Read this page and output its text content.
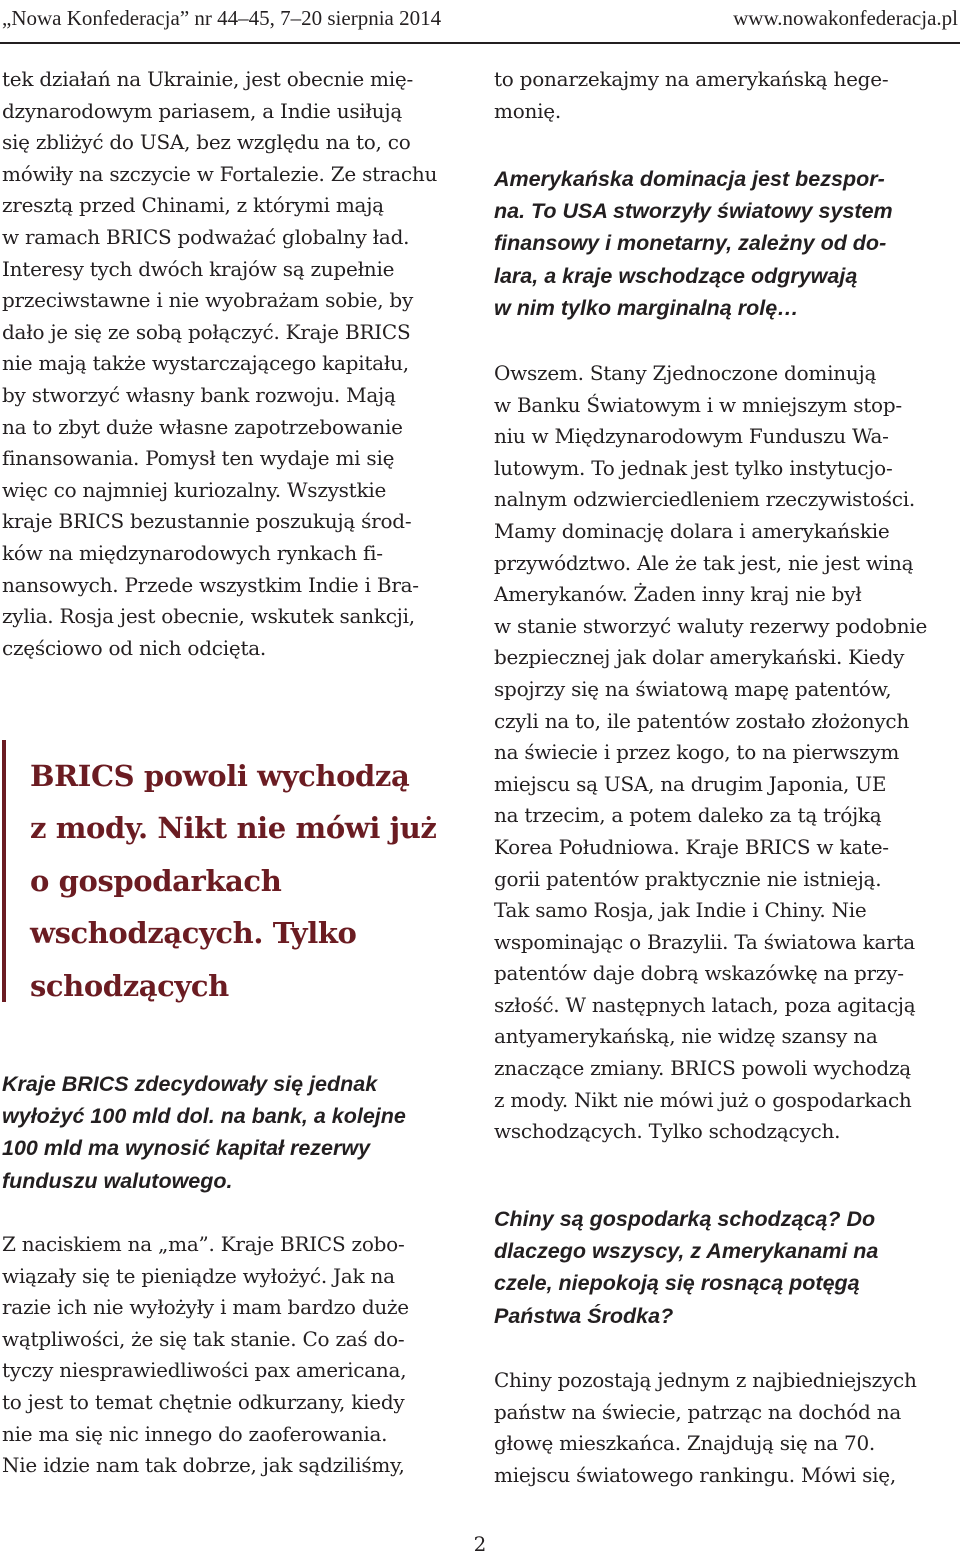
„Nowa Konfederacja” nr 44–45, 7–20 sierpnia 2014	www.nowakonfederacja.pl
tek działań na Ukrainie, jest obecnie mię-
dzynarodowym pariasem, a Indie usiłują
się zbliżyć do USA, bez względu na to, co
mówiły na szczycie w Fortalezie. Ze strachu
zresztą przed Chinami, z którymi mają
w ramach BRICS podważać globalny ład.
Interesy tych dwóch krajów są zupełnie
przeciwstawne i nie wyobrażam sobie, by
dało je się ze sobą połączyć. Kraje BRICS
nie mają także wystarczającego kapitału,
by stworzyć własny bank rozwoju. Mają
na to zbyt duże własne zapotrzebowanie
finansowania. Pomysł ten wydaje mi się
więc co najmniej kuriozalny. Wszystkie
kraje BRICS bezustannie poszukują środ-
ków na międzynarodowych rynkach fi-
nansowych. Przede wszystkim Indie i Bra-
zylia. Rosja jest obecnie, wskutek sankcji,
częściowo od nich odcięta.
Kraje BRICS zdecydowały się jednak
wyłożyć 100 mld dol. na bank, a kolejne
100 mld ma wynosić kapitał rezerwy
funduszu walutowego.
Z naciskiem na „ma”. Kraje BRICS zobo-
wiązały się te pieniądze wyłożyć. Jak na
razie ich nie wyłożyły i mam bardzo duże
wątpliwości, że się tak stanie. Co zaś do-
tyczy niesprawiedliwości pax americana,
to jest to temat chętnie odkurzany, kiedy
nie ma się nic innego do zaoferowania.
Nie idzie nam tak dobrze, jak sądziliśmy,
BRICS powoli wychodzą
z mody. Nikt nie mówi już
o gospodarkach
wschodzących. Tylko
schodzących
to ponarzekajmy na amerykańską hege-
monię.
Amerykańska dominacja jest bezspor-
na. To USA stworzyły światowy system
finansowy i monetarny, zależny od do-
lara, a kraje wschodzące odgrywają
w nim tylko marginalną rolę…
Owszem. Stany Zjednoczone dominują
w Banku Światowym i w mniejszym stop-
niu w Międzynarodowym Funduszu Wa-
lutowym. To jednak jest tylko instytucjo-
nalnym odzwierciedleniem rzeczywistości.
Mamy dominację dolara i amerykańskie
przywództwo. Ale że tak jest, nie jest winą
Amerykanów. Żaden inny kraj nie był
w stanie stworzyć waluty rezerwy podobnie
bezpiecznej jak dolar amerykański. Kiedy
spojrzy się na światową mapę patentów,
czyli na to, ile patentów zostało złożonych
na świecie i przez kogo, to na pierwszym
miejscu są USA, na drugim Japonia, UE
na trzecim, a potem daleko za tą trójką
Korea Południowa. Kraje BRICS w kate-
gorii patentów praktycznie nie istnieją.
Tak samo Rosja, jak Indie i Chiny. Nie
wspominając o Brazylii. Ta światowa karta
patentów daje dobrą wskazówkę na przy-
szłość. W następnych latach, poza agitacją
antyamerykańską, nie widzę szansy na
znaczące zmiany. BRICS powoli wychodzą
z mody. Nikt nie mówi już o gospodarkach
wschodzących. Tylko schodzących.
Chiny są gospodarką schodzącą? Do
dlaczego wszyscy, z Amerykanami na
czele, niepokoją się rosnącą potęgą
Państwa Środka?
Chiny pozostają jednym z najbiedniejszych
państw na świecie, patrząc na dochód na
głowę mieszkańca. Znajdują się na 70.
miejscu światowego rankingu. Mówi się,
2
